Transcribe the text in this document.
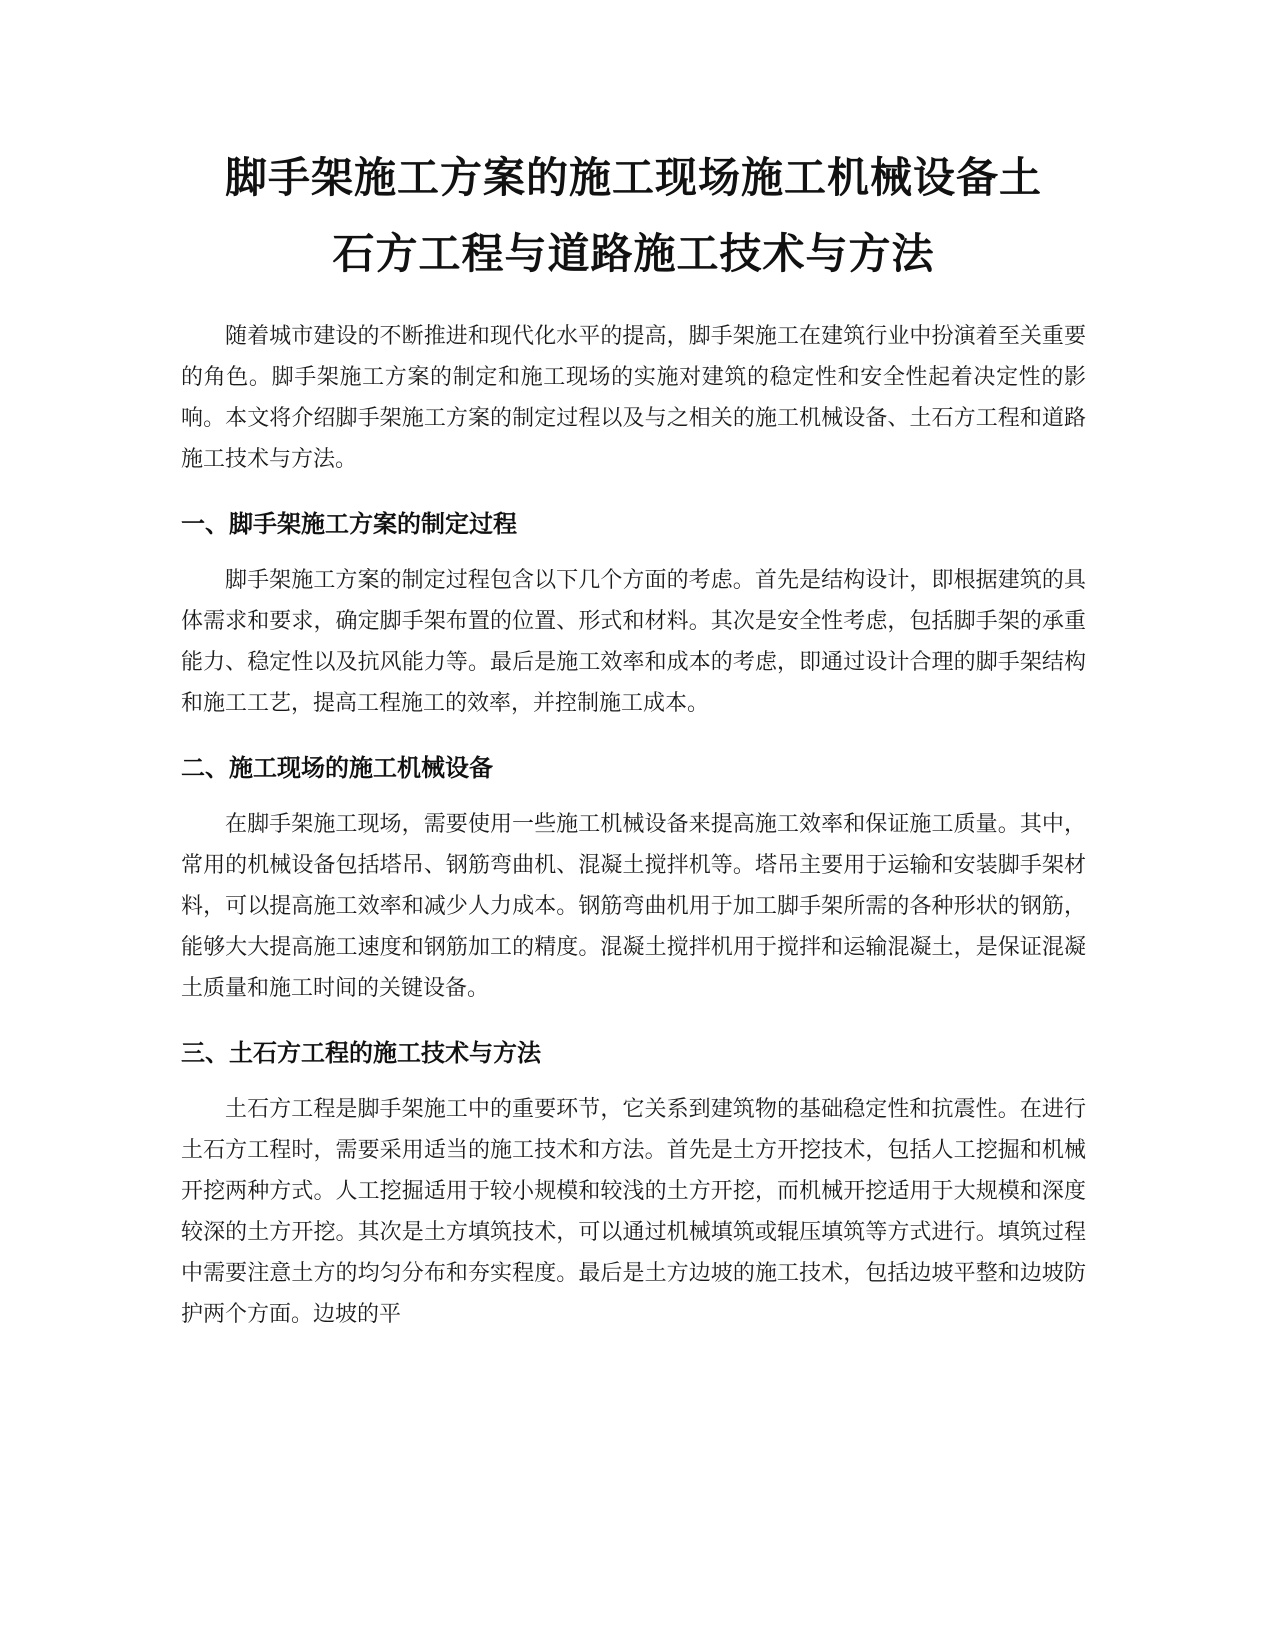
脚手架施工方案的施工现场施工机械设备土
石方工程与道路施工技术与方法

随着城市建设的不断推进和现代化水平的提高，脚手架施工在建筑行业中扮演着至关重要的角色。脚手架施工方案的制定和施工现场的实施对建筑的稳定性和安全性起着决定性的影响。本文将介绍脚手架施工方案的制定过程以及与之相关的施工机械设备、土石方工程和道路施工技术与方法。

一、脚手架施工方案的制定过程

脚手架施工方案的制定过程包含以下几个方面的考虑。首先是结构设计，即根据建筑的具体需求和要求，确定脚手架布置的位置、形式和材料。其次是安全性考虑，包括脚手架的承重能力、稳定性以及抗风能力等。最后是施工效率和成本的考虑，即通过设计合理的脚手架结构和施工工艺，提高工程施工的效率，并控制施工成本。

二、施工现场的施工机械设备

在脚手架施工现场，需要使用一些施工机械设备来提高施工效率和保证施工质量。其中，常用的机械设备包括塔吊、钢筋弯曲机、混凝土搅拌机等。塔吊主要用于运输和安装脚手架材料，可以提高施工效率和减少人力成本。钢筋弯曲机用于加工脚手架所需的各种形状的钢筋，能够大大提高施工速度和钢筋加工的精度。混凝土搅拌机用于搅拌和运输混凝土，是保证混凝土质量和施工时间的关键设备。

三、土石方工程的施工技术与方法

土石方工程是脚手架施工中的重要环节，它关系到建筑物的基础稳定性和抗震性。在进行土石方工程时，需要采用适当的施工技术和方法。首先是土方开挖技术，包括人工挖掘和机械开挖两种方式。人工挖掘适用于较小规模和较浅的土方开挖，而机械开挖适用于大规模和深度较深的土方开挖。其次是土方填筑技术，可以通过机械填筑或辊压填筑等方式进行。填筑过程中需要注意土方的均匀分布和夯实程度。最后是土方边坡的施工技术，包括边坡平整和边坡防护两个方面。边坡的平
